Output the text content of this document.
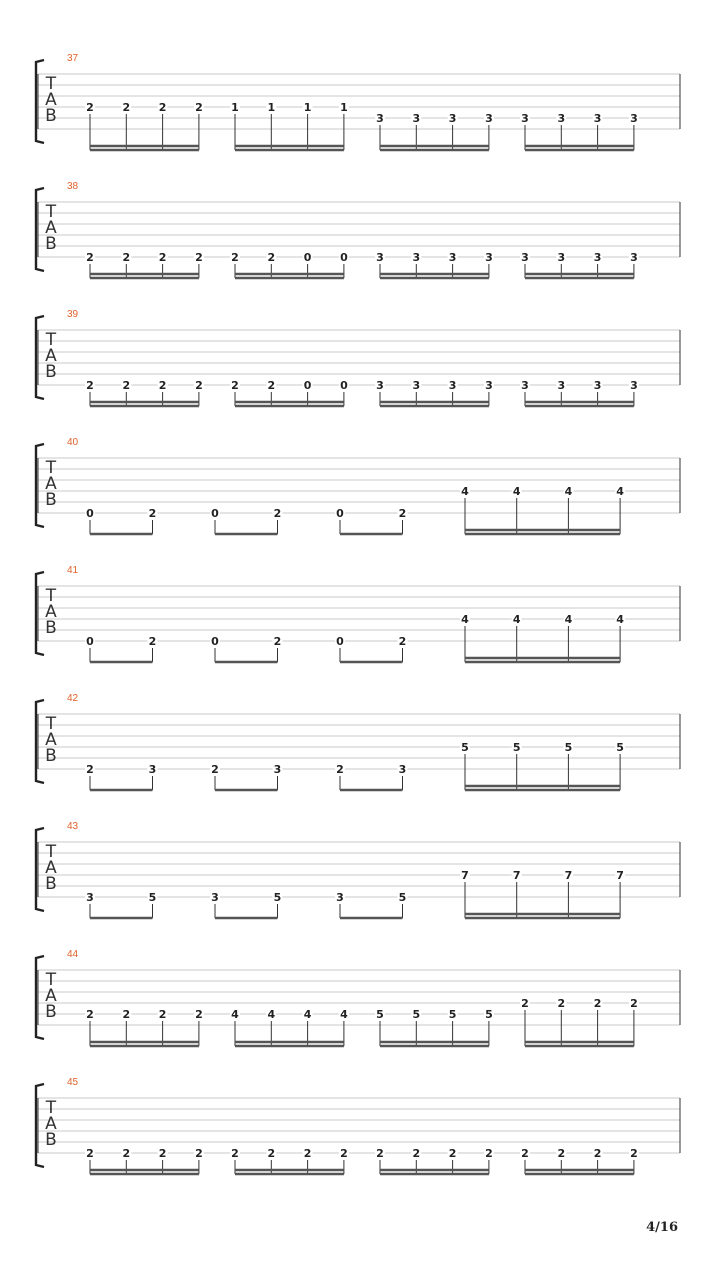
37
T
A
B	2	2	2	2	1	1	1	1
3	3	3	3	3	3	3	3
38
T
A
B
2	2	2	2	2	2	0	0	3	3	3	3	3	3	3	3
39
T
A
B
2	2	2	2	2	2	0	0	3	3	3	3	3	3	3	3
40
T
A
B
0	2	0	2	0	2
4	4	4	4
41
T
A
B
0	2	0	2	0	2
4	4	4	4
42
T
A
B
2	3	2	3	2	3
5	5	5	5
43
T
A
B
3	5	3	5	3	5
7	7	7	7
44
T
A
B	2	2	2	2	4	4	4	4	5	5	5	5
2	2	2	2
45
T
A
B
2	2	2	2	2	2	2	2	2	2	2	2	2	2	2	2
4/16
